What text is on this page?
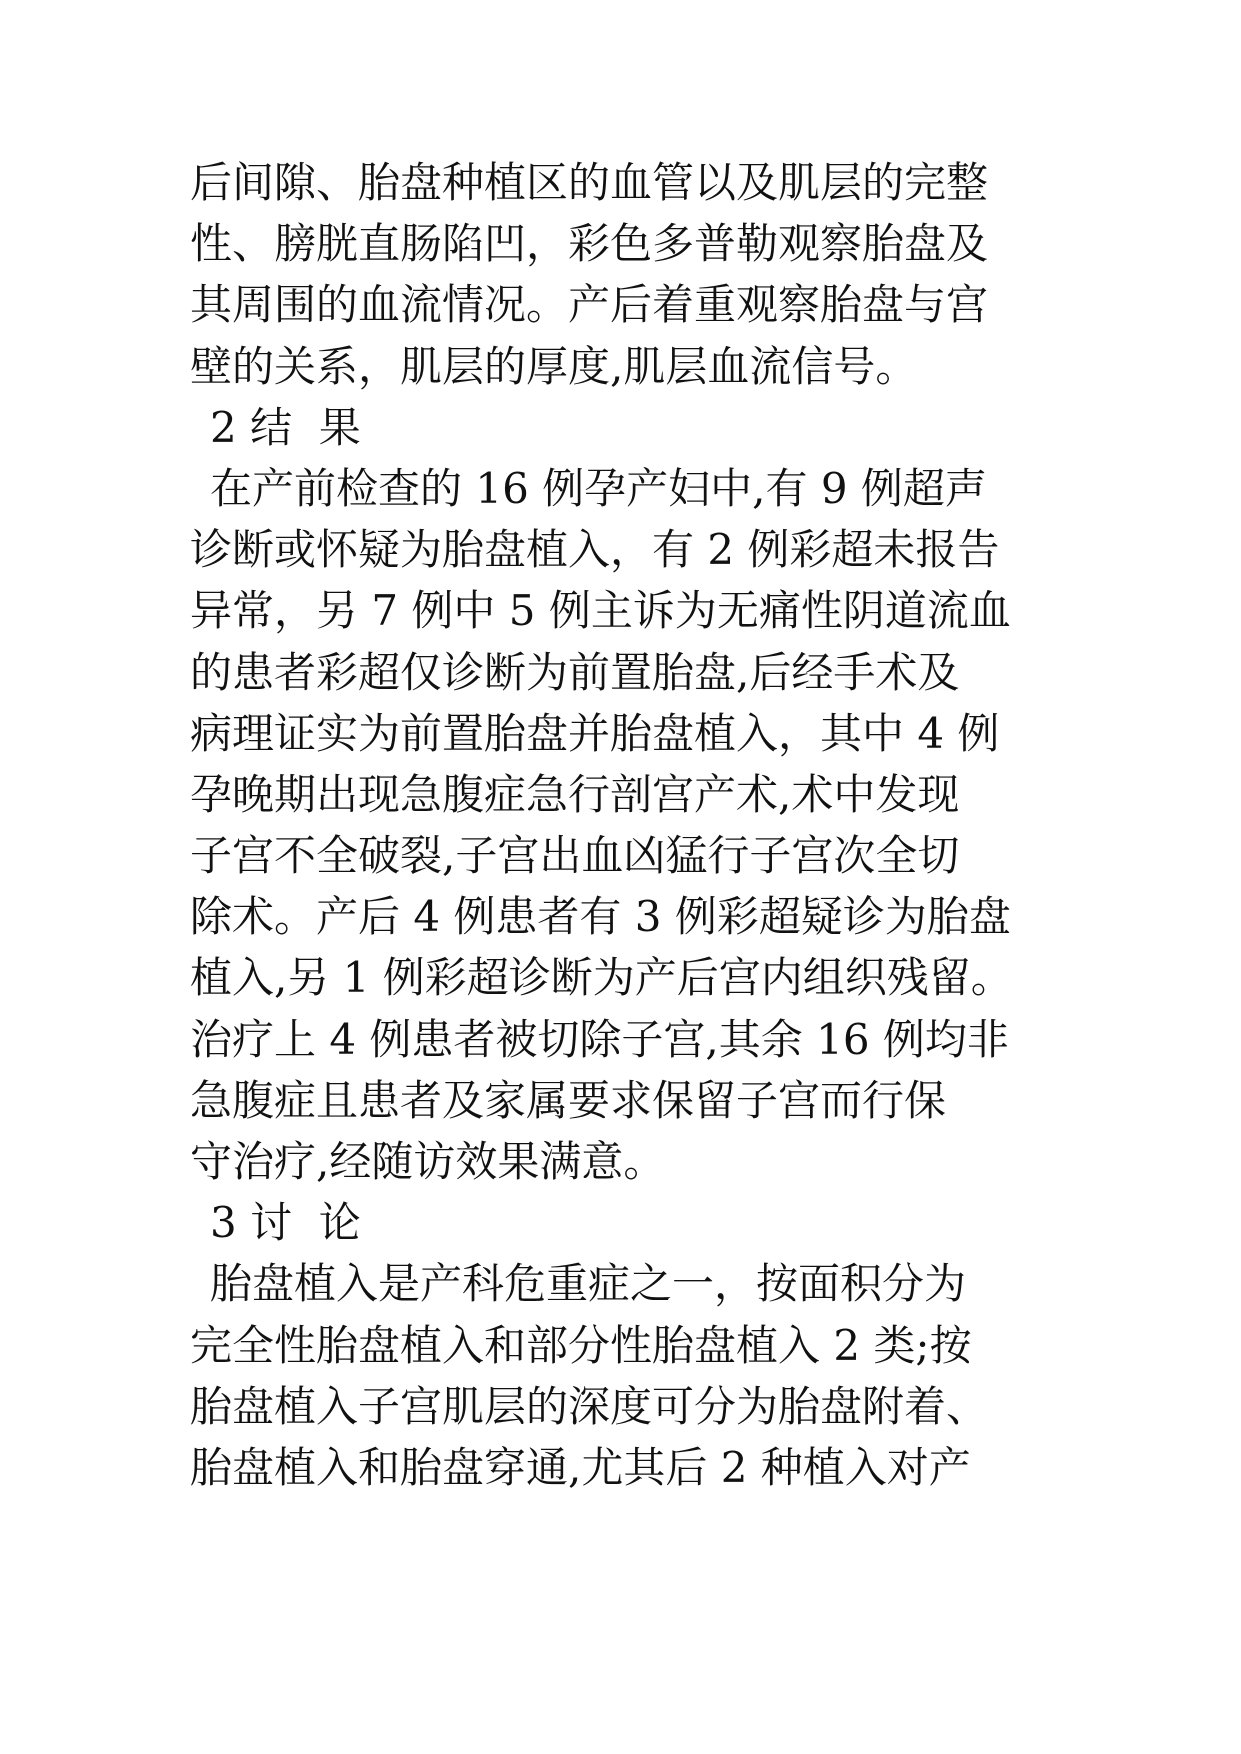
后间隙、胎盘种植区的血管以及肌层的完整
性、膀胱直肠陷凹，彩色多普勒观察胎盘及
其周围的血流情况。产后着重观察胎盘与宫
壁的关系，肌层的厚度,肌层血流信号。
2 结  果
在产前检查的 16 例孕产妇中,有 9 例超声
诊断或怀疑为胎盘植入，有 2 例彩超未报告
异常，另 7 例中 5 例主诉为无痛性阴道流血
的患者彩超仅诊断为前置胎盘,后经手术及
病理证实为前置胎盘并胎盘植入，其中 4 例
孕晚期出现急腹症急行剖宫产术,术中发现
子宫不全破裂,子宫出血凶猛行子宫次全切
除术。产后 4 例患者有 3 例彩超疑诊为胎盘
植入,另 1 例彩超诊断为产后宫内组织残留。
治疗上 4 例患者被切除子宫,其余 16 例均非
急腹症且患者及家属要求保留子宫而行保
守治疗,经随访效果满意。
3 讨  论
胎盘植入是产科危重症之一，按面积分为
完全性胎盘植入和部分性胎盘植入 2 类;按
胎盘植入子宫肌层的深度可分为胎盘附着、
胎盘植入和胎盘穿通,尤其后 2 种植入对产
